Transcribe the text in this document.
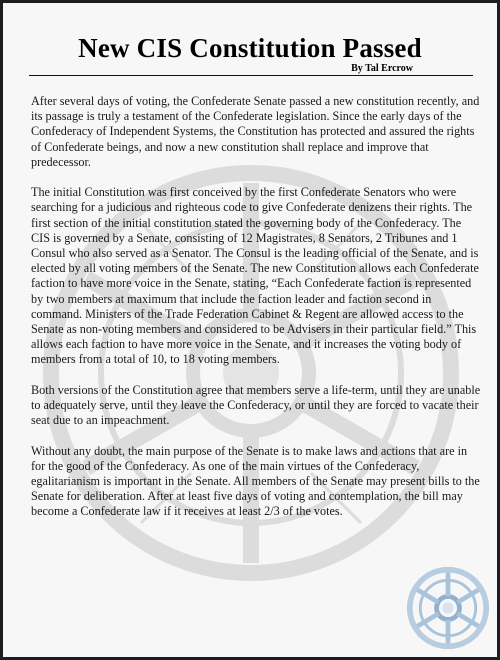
New CIS Constitution Passed
By Tal Ercrow

After several days of voting, the Confederate Senate passed a new constitution recently, and its passage is truly a testament of the Confederate legislation. Since the early days of the Confederacy of Independent Systems, the Constitution has protected and assured the rights of Confederate beings, and now a new constitution shall replace and improve that predecessor.

The initial Constitution was first conceived by the first Confederate Senators who were searching for a judicious and righteous code to give Confederate denizens their rights. The first section of the initial constitution stated the governing body of the Confederacy. The CIS is governed by a Senate, consisting of 12 Magistrates, 8 Senators, 2 Tribunes and 1 Consul who also served as a Senator. The Consul is the leading official of the Senate, and is elected by all voting members of the Senate. The new Constitution allows each Confederate faction to have more voice in the Senate, stating, “Each Confederate faction is represented by two members at maximum that include the faction leader and faction second in command. Ministers of the Trade Federation Cabinet & Regent are allowed access to the Senate as non-voting members and considered to be Advisers in their particular field.” This allows each faction to have more voice in the Senate, and it increases the voting body of members from a total of 10, to 18 voting members.

Both versions of the Constitution agree that members serve a life-term, until they are unable to adequately serve, until they leave the Confederacy, or until they are forced to vacate their seat due to an impeachment.

Without any doubt, the main purpose of the Senate is to make laws and actions that are in for the good of the Confederacy. As one of the main virtues of the Confederacy, egalitarianism is important in the Senate. All members of the Senate may present bills to the Senate for deliberation. After at least five days of voting and contemplation, the bill may become a Confederate law if it receives at least 2/3 of the votes.
